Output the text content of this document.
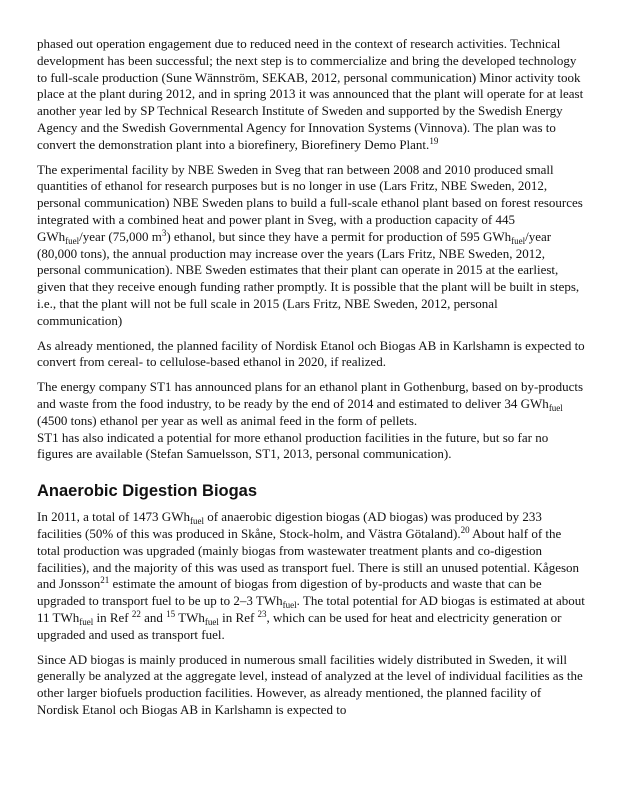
phased out operation engagement due to reduced need in the context of research activities. Technical development has been successful; the next step is to commercialize and bring the developed technology to full-scale production (Sune Wännström, SEKAB, 2012, personal communication) Minor activity took place at the plant during 2012, and in spring 2013 it was announced that the plant will operate for at least another year led by SP Technical Research Institute of Sweden and supported by the Swedish Energy Agency and the Swedish Governmental Agency for Innovation Systems (Vinnova). The plan was to convert the demonstration plant into a biorefinery, Biorefinery Demo Plant.$^{19}$

The experimental facility by NBE Sweden in Sveg that ran between 2008 and 2010 produced small quantities of ethanol for research purposes but is no longer in use (Lars Fritz, NBE Sweden, 2012, personal communication) NBE Sweden plans to build a full-scale ethanol plant based on forest resources integrated with a combined heat and power plant in Sveg, with a production capacity of 445 GWh$_{fuel}$/year (75,000 $m^3$) ethanol, but since they have a permit for production of 595 GWh$_{fuel}$/year (80,000 tons), the annual production may increase over the years (Lars Fritz, NBE Sweden, 2012, personal communication). NBE Sweden estimates that their plant can operate in 2015 at the earliest, given that they receive enough funding rather promptly. It is possible that the plant will be built in steps, i.e., that the plant will not be full scale in 2015 (Lars Fritz, NBE Sweden, 2012, personal communication)

As already mentioned, the planned facility of Nordisk Etanol och Biogas AB in Karlshamn is expected to convert from cereal- to cellulose-based ethanol in 2020, if realized.

The energy company ST1 has announced plans for an ethanol plant in Gothenburg, based on by-products and waste from the food industry, to be ready by the end of 2014 and estimated to deliver 34 GWh$_{fuel}$ (4500 tons) ethanol per year as well as animal feed in the form of pellets.

ST1 has also indicated a potential for more ethanol production facilities in the future, but so far no figures are available (Stefan Samuelsson, ST1, 2013, personal communication).

Anaerobic Digestion Biogas

In 2011, a total of 1473 GWh$_{fuel}$ of anaerobic digestion biogas (AD biogas) was produced by 233 facilities (50% of this was produced in Skåne, Stock-holm, and Västra Götaland).$^{20}$ About half of the total production was upgraded (mainly biogas from wastewater treatment plants and co-digestion facilities), and the majority of this was used as transport fuel. There is still an unused potential. Kågeson and Jonsson$^{21}$ estimate the amount of biogas from digestion of by-products and waste that can be upgraded to transport fuel to be up to 2–3 TWh$_{fuel}$. The total potential for AD biogas is estimated at about 11 TWh$_{fuel}$ in Ref $^{22}$ and $^{15}$ TWh$_{fuel}$ in Ref $^{23}$, which can be used for heat and electricity generation or upgraded and used as transport fuel.

Since AD biogas is mainly produced in numerous small facilities widely distributed in Sweden, it will generally be analyzed at the aggregate level, instead of analyzed at the level of individual facilities as the other larger biofuels production facilities. However, as already mentioned, the planned facility of Nordisk Etanol och Biogas AB in Karlshamn is expected to
